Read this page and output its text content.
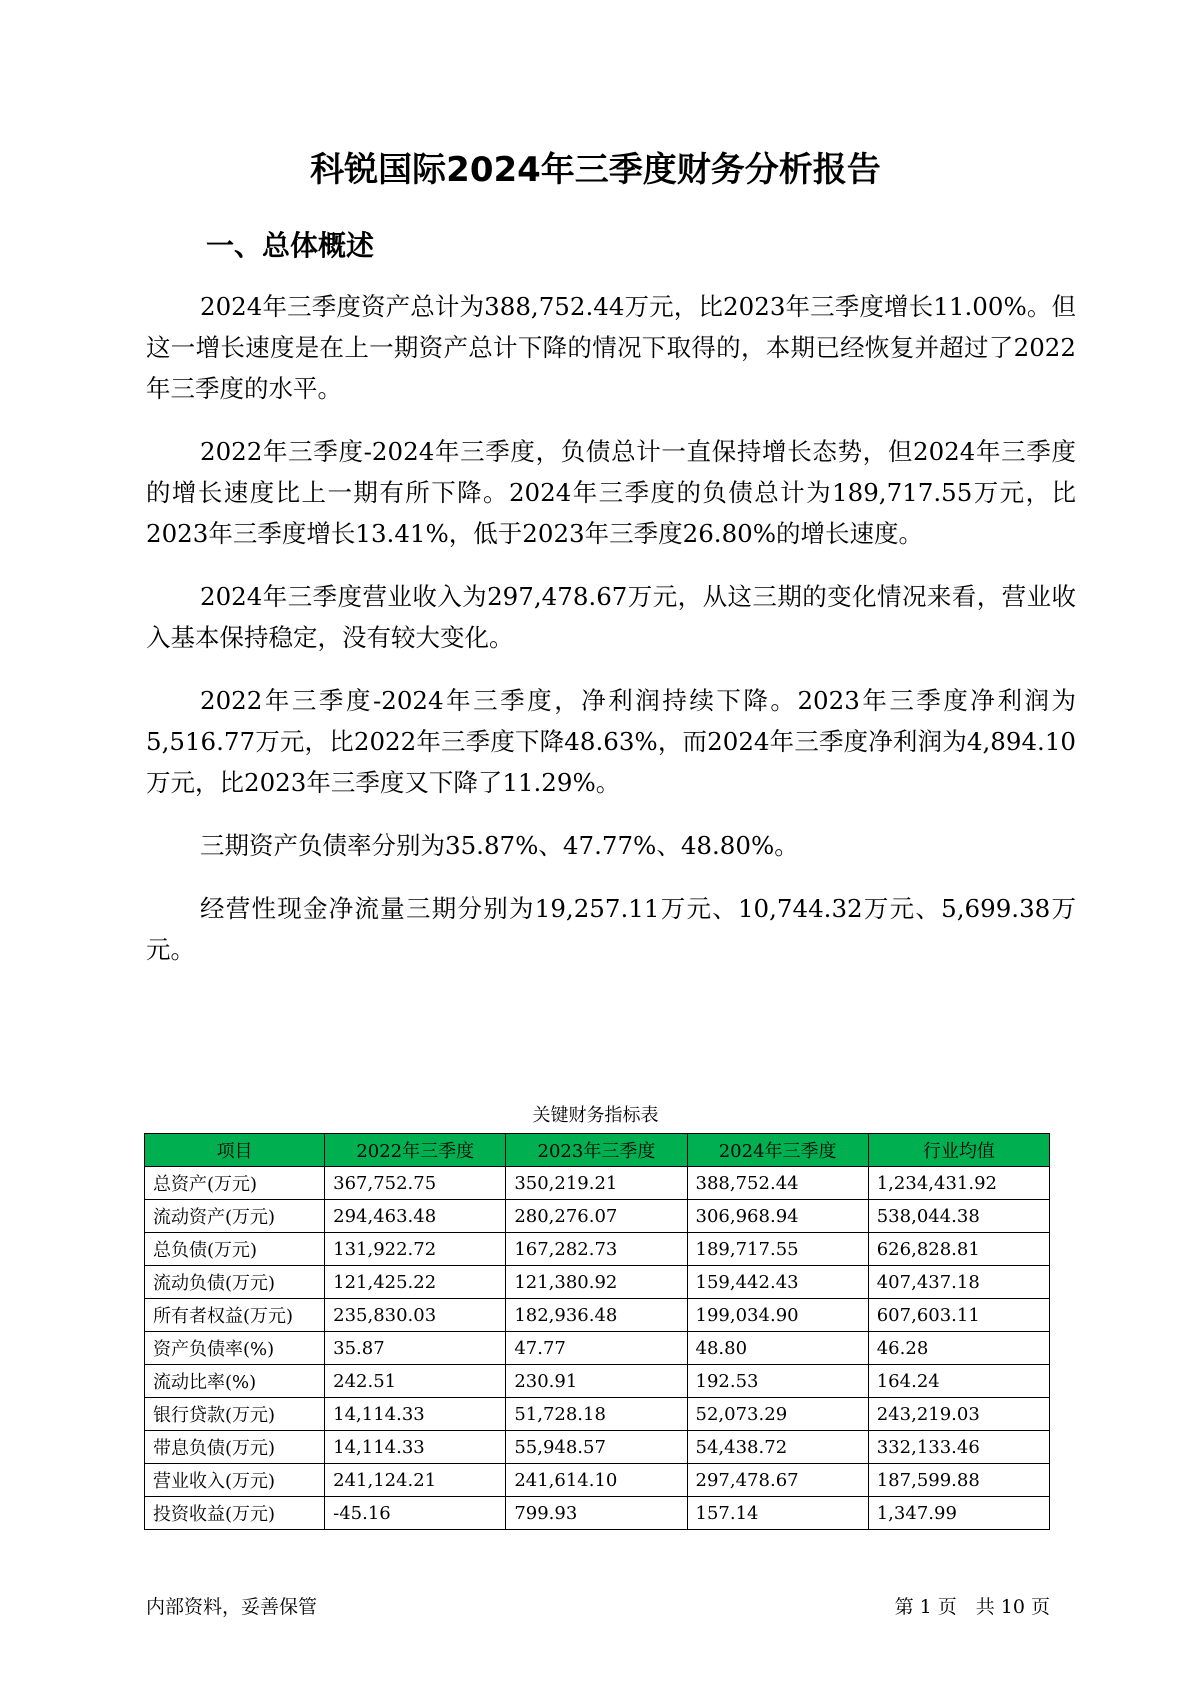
科锐国际2024年三季度财务分析报告
一、总体概述

2024年三季度资产总计为388,752.44万元，比2023年三季度增长11.00%。但这一增长速度是在上一期资产总计下降的情况下取得的，本期已经恢复并超过了2022年三季度的水平。

2022年三季度-2024年三季度，负债总计一直保持增长态势，但2024年三季度的增长速度比上一期有所下降。2024年三季度的负债总计为189,717.55万元，比2023年三季度增长13.41%，低于2023年三季度26.80%的增长速度。

2024年三季度营业收入为297,478.67万元，从这三期的变化情况来看，营业收入基本保持稳定，没有较大变化。

2022年三季度-2024年三季度，净利润持续下降。2023年三季度净利润为5,516.77万元，比2022年三季度下降48.63%，而2024年三季度净利润为4,894.10万元，比2023年三季度又下降了11.29%。

三期资产负债率分别为35.87%、47.77%、48.80%。

经营性现金净流量三期分别为19,257.11万元、10,744.32万元、5,699.38万元。

关键财务指标表
项目	2022年三季度	2023年三季度	2024年三季度	行业均值
总资产(万元)	367,752.75	350,219.21	388,752.44	1,234,431.92
流动资产(万元)	294,463.48	280,276.07	306,968.94	538,044.38
总负债(万元)	131,922.72	167,282.73	189,717.55	626,828.81
流动负债(万元)	121,425.22	121,380.92	159,442.43	407,437.18
所有者权益(万元)	235,830.03	182,936.48	199,034.90	607,603.11
资产负债率(%)	35.87	47.77	48.80	46.28
流动比率(%)	242.51	230.91	192.53	164.24
银行贷款(万元)	14,114.33	51,728.18	52,073.29	243,219.03
带息负债(万元)	14,114.33	55,948.57	54,438.72	332,133.46
营业收入(万元)	241,124.21	241,614.10	297,478.67	187,599.88
投资收益(万元)	-45.16	799.93	157.14	1,347.99
内部资料，妥善保管	第 1 页　共 10 页
